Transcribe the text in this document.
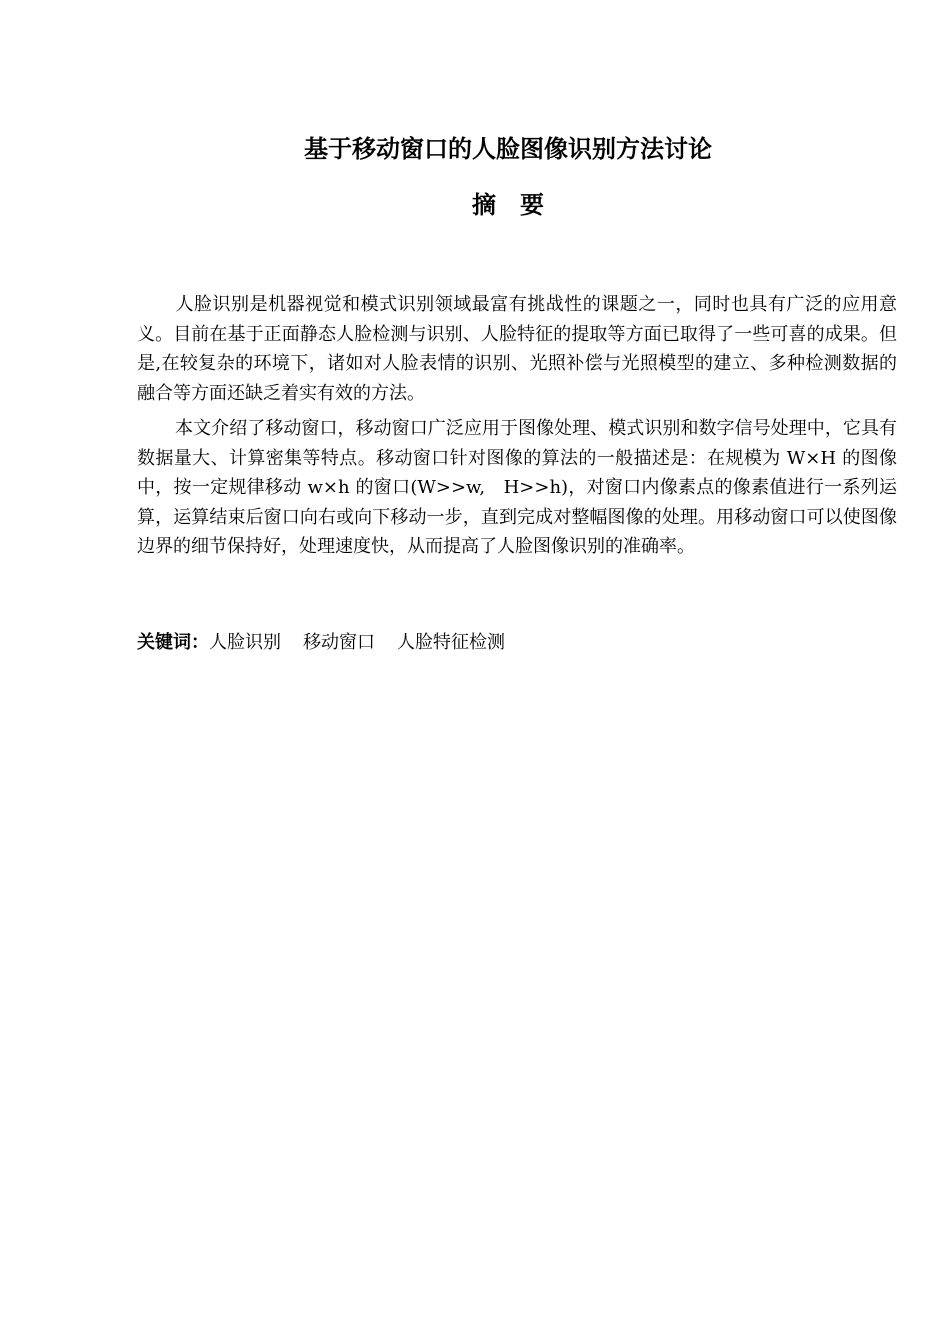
基于移动窗口的人脸图像识别方法讨论
摘　要

人脸识别是机器视觉和模式识别领域最富有挑战性的课题之一，同时也具有广泛的应用意义。目前在基于正面静态人脸检测与识别、人脸特征的提取等方面已取得了一些可喜的成果。但是,在较复杂的环境下，诸如对人脸表情的识别、光照补偿与光照模型的建立、多种检测数据的融合等方面还缺乏着实有效的方法。

本文介绍了移动窗口，移动窗口广泛应用于图像处理、模式识别和数字信号处理中，它具有数据量大、计算密集等特点。移动窗口针对图像的算法的一般描述是：在规模为 W×H 的图像中，按一定规律移动 w×h 的窗口(W>>w,　H>>h)，对窗口内像素点的像素值进行一系列运算，运算结束后窗口向右或向下移动一步，直到完成对整幅图像的处理。用移动窗口可以使图像边界的细节保持好，处理速度快，从而提高了人脸图像识别的准确率。

关键词：人脸识别 移动窗口 人脸特征检测
